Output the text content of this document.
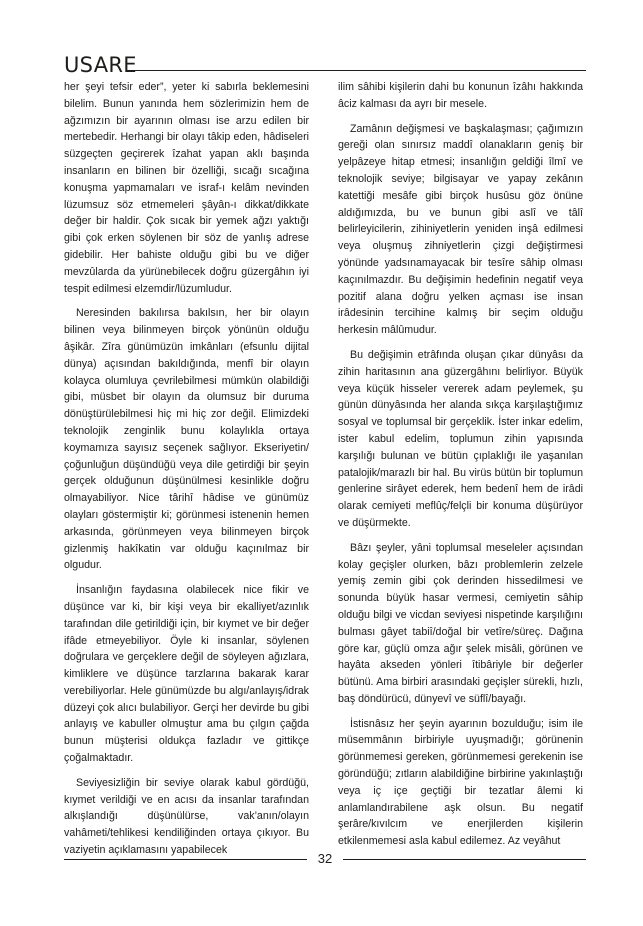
USARE

her şeyi tefsir eder”, yeter ki sabırla beklemesini bilelim. Bunun yanında hem sözlerimizin hem de ağzımızın bir ayarının olması ise arzu edilen bir mertebedir. Herhangi bir olayı tâkip eden, hâdiseleri süzgeçten geçirerek îzahat yapan aklı başında insanların en bilinen bir özelliği, sıcağı sıcağına konuşma yapmamaları ve israf-ı kelâm nevinden lüzumsuz söz etmemeleri şâyân-ı dikkat/dikkate değer bir haldir. Çok sıcak bir yemek ağzı yaktığı gibi çok erken söylenen bir söz de yanlış adrese gidebilir. Her bahiste olduğu gibi bu ve diğer mevzûlarda da yürünebilecek doğru güzergâhın iyi tespit edilmesi elzemdir/lüzumludur.

Neresinden bakılırsa bakılsın, her bir olayın bilinen veya bilinmeyen birçok yönünün olduğu âşikâr. Zîra günümüzün imkânları (efsunlu dijital dünya) açısından bakıldığında, menfî bir olayın kolayca olumluya çevrilebilmesi mümkün olabildiği gibi, müsbet bir olayın da olumsuz bir duruma dönüştürülebilmesi hiç mi hiç zor değil. Elimizdeki teknolojik zenginlik bunu kolaylıkla ortaya koymamıza sayısız seçenek sağlıyor. Ekseriyetin/çoğunluğun düşündüğü veya dile getirdiği bir şeyin gerçek olduğunun düşünülmesi kesinlikle doğru olmayabiliyor. Nice târihî hâdise ve günümüz olayları göstermiştir ki; görünmesi istenenin hemen arkasında, görünmeyen veya bilinmeyen birçok gizlenmiş hakîkatin var olduğu kaçınılmaz bir olgudur.

İnsanlığın faydasına olabilecek nice fikir ve düşünce var ki, bir kişi veya bir ekalliyet/azınlık tarafından dile getirildiği için, bir kıymet ve bir değer ifâde etmeyebiliyor. Öyle ki insanlar, söylenen doğrulara ve gerçeklere değil de söyleyen ağızlara, kimliklere ve düşünce tarzlarına bakarak karar verebiliyorlar. Hele günümüzde bu algı/anlayış/idrak düzeyi çok alıcı bulabiliyor. Gerçi her devirde bu gibi anlayış ve kabuller olmuştur ama bu çılgın çağda bunun müşterisi oldukça fazladır ve gittikçe çoğalmaktadır.

Seviyesizliğin bir seviye olarak kabul gördüğü, kıymet verildiği ve en acısı da insanlar tarafından alkışlandığı düşünülürse, vak’anın/olayın vahâmeti/tehlikesi kendiliğinden ortaya çıkıyor. Bu vaziyetin açıklamasını yapabilecek

ilim sâhibi kişilerin dahi bu konunun îzâhı hakkında âciz kalması da ayrı bir mesele.

Zamânın değişmesi ve başkalaşması; çağımızın gereği olan sınırsız maddî olanakların geniş bir yelpâzeye hitap etmesi; insanlığın geldiği îlmî ve teknolojik seviye; bilgisayar ve yapay zekânın katettiği mesâfe gibi birçok husûsu göz önüne aldığımızda, bu ve bunun gibi aslî ve tâlî belirleyicilerin, zihiniyetlerin yeniden inşâ edilmesi veya oluşmuş zihniyetlerin çizgi değiştirmesi yönünde yadsınamayacak bir tesîre sâhip olması kaçınılmazdır. Bu değişimin hedefinin negatif veya pozitif alana doğru yelken açması ise insan irâdesinin tercihine kalmış bir seçim olduğu herkesin mâlûmudur.

Bu değişimin etrâfında oluşan çıkar dünyâsı da zihin haritasının ana güzergâhını belirliyor. Büyük veya küçük hisseler vererek adam peylemek, şu günün dünyâsında her alanda sıkça karşılaştığımız sosyal ve toplumsal bir gerçeklik. İster inkar edelim, ister kabul edelim, toplumun zihin yapısında karşılığı bulunan ve bütün çıplaklığı ile yaşanılan patalojik/marazlı bir hal. Bu virüs bütün bir toplumun genlerine sirâyet ederek, hem bedenî hem de irâdi olarak cemiyeti meflûç/felçli bir konuma düşürüyor ve düşürmekte.

Bâzı şeyler, yâni toplumsal meseleler açısından kolay geçişler olurken, bâzı problemlerin zelzele yemiş zemin gibi çok derinden hissedilmesi ve sonunda büyük hasar vermesi, cemiyetin sâhip olduğu bilgi ve vicdan seviyesi nispetinde karşılığını bulması gâyet tabiî/doğal bir vetîre/süreç. Dağına göre kar, güçlü omza ağır şelek misâli, görünen ve hayâta akseden yönleri îtibâriyle bir değerler bütünü. Ama birbiri arasındaki geçişler sürekli, hızlı, baş döndürücü, dünyevî ve süflî/bayağı.

İstisnâsız her şeyin ayarının bozulduğu; isim ile müsemmânın birbiriyle uyuşmadığı; görünenin görünmemesi gereken, görünmemesi gerekenin ise göründüğü; zıtların alabildiğine birbirine yakınlaştığı veya iç içe geçtiği bir tezatlar âlemi ki anlamlandırabilene aşk olsun. Bu negatif şerâre/kıvılcım ve enerjilerden kişilerin etkilenmemesi asla kabul edilemez. Az veyâhut

32
